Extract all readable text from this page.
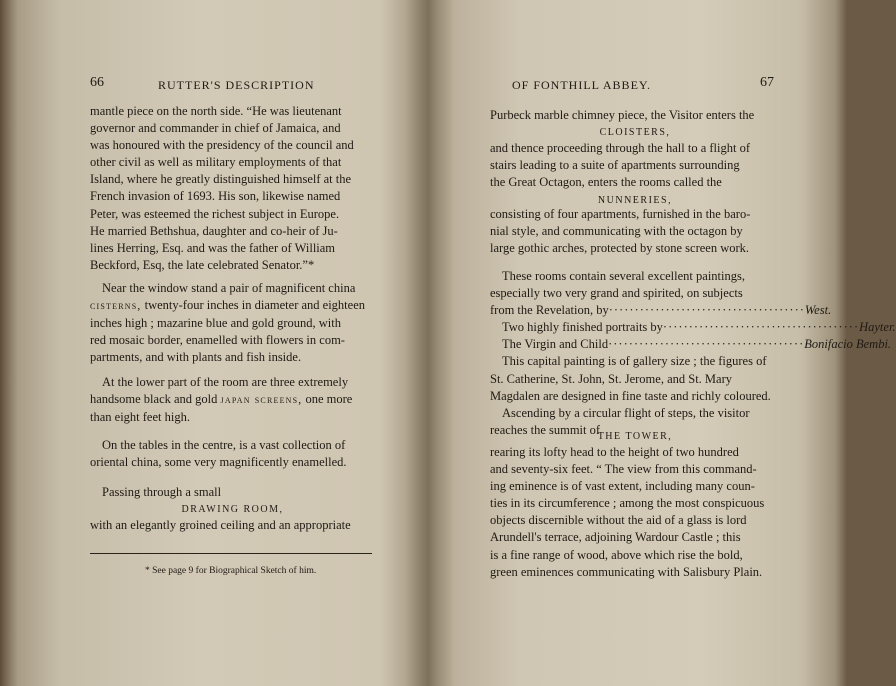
66	RUTTER'S DESCRIPTION
mantle piece on the north side. “He was lieutenant
governor and commander in chief of Jamaica, and
was honoured with the presidency of the council and
other civil as well as military employments of that
Island, where he greatly distinguished himself at the
French invasion of 1693. His son, likewise named
Peter, was esteemed the richest subject in Europe.
He married Bethshua, daughter and co-heir of Ju-
lines Herring, Esq. and was the father of William
Beckford, Esq, the late celebrated Senator.”*
Near the window stand a pair of magnificent china
cisterns, twenty-four inches in diameter and eighteen
inches high ; mazarine blue and gold ground, with
red mosaic border, enamelled with flowers in com-
partments, and with plants and fish inside.
At the lower part of the room are three extremely
handsome black and gold japan screens, one more
than eight feet high.
On the tables in the centre, is a vast collection of
oriental china, some very magnificently enamelled.
Passing through a small
DRAWING ROOM,
with an elegantly groined ceiling and an appropriate
* See page 9 for Biographical Sketch of him.
OF FONTHILL ABBEY.	67
Purbeck marble chimney piece, the Visitor enters the
CLOISTERS,
and thence proceeding through the hall to a flight of
stairs leading to a suite of apartments surrounding
the Great Octagon, enters the rooms called the
NUNNERIES,
consisting of four apartments, furnished in the baro-
nial style, and communicating with the octagon by
large gothic arches, protected by stone screen work.
These rooms contain several excellent paintings,
especially two very grand and spirited, on subjects
from the Revelation, by ······································ West.
Two highly finished portraits by ······································ Hayter.
The Virgin and Child ······································ Bonifacio Bembi.
This capital painting is of gallery size ; the figures of
St. Catherine, St. John, St. Jerome, and St. Mary
Magdalen are designed in fine taste and richly coloured.
Ascending by a circular flight of steps, the visitor
reaches the summit of
THE TOWER,
rearing its lofty head to the height of two hundred
and seventy-six feet. “ The view from this command-
ing eminence is of vast extent, including many coun-
ties in its circumference ; among the most conspicuous
objects discernible without the aid of a glass is lord
Arundell's terrace, adjoining Wardour Castle ; this
is a fine range of wood, above which rise the bold,
green eminences communicating with Salisbury Plain.
